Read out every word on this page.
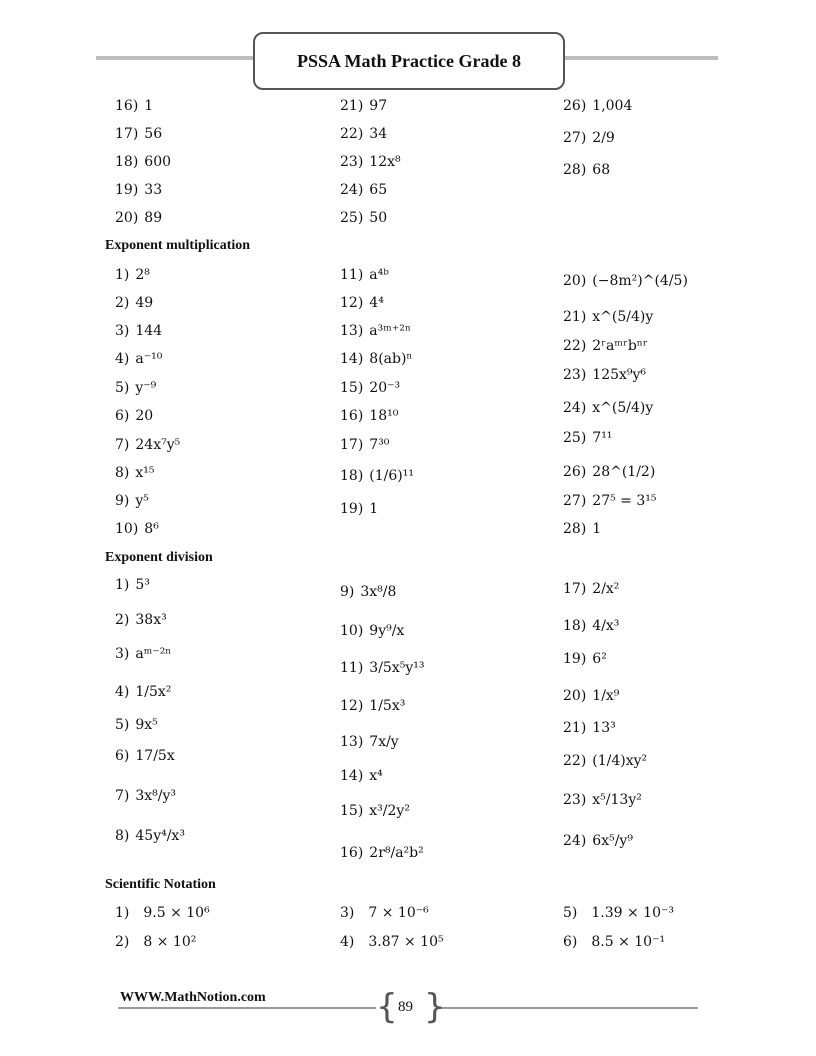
PSSA Math Practice Grade 8
16) 1
17) 56
18) 600
19) 33
20) 89
21) 97
22) 34
23) 12x⁸
24) 65
25) 50
26) 1,004
27) 2/9
28) 68
Exponent multiplication
1) 2⁸
2) 49
3) 144
4) a⁻¹⁰
5) y⁻⁹
6) 20
7) 24x⁷y⁵
8) x¹⁵
9) y⁵
10) 8⁶
11) a⁴ᵇ
12) 4⁴
13) a³ᵐ⁺²ⁿ
14) 8(ab)ⁿ
15) 20⁻³
16) 18¹⁰
17) 7³⁰
18) (1/6)¹¹
19) 1
20) (−8m²)^(4/5)
21) x^(5/4)y
22) 2ʳaᵐʳbⁿʳ
23) 125x⁹y⁶
24) x^(5/4)y
25) 7¹¹
26) 28^(1/2)
27) 27⁵ = 3¹⁵
28) 1
Exponent division
1) 5³
2) 38x³
3) aᵐ⁻²ⁿ
4) 1/5x²
5) 9x⁵
6) 17/5x
7) 3x⁸/y³
8) 45y⁴/x³
9) 3x⁸/8
10) 9y⁹/x
11) 3/5x⁵y¹³
12) 1/5x³
13) 7x/y
14) x⁴
15) x³/2y²
16) 2r⁸/a²b²
17) 2/x²
18) 4/x³
19) 6²
20) 1/x⁹
21) 13³
22) (1/4)xy²
23) x⁵/13y²
24) 6x⁵/y⁹
Scientific Notation
1) 9.5 × 10⁶
2) 8 × 10²
3) 7 × 10⁻⁶
4) 3.87 × 10⁵
5) 1.39 × 10⁻³
6) 8.5 × 10⁻¹
WWW.MathNotion.com	{ }
89
